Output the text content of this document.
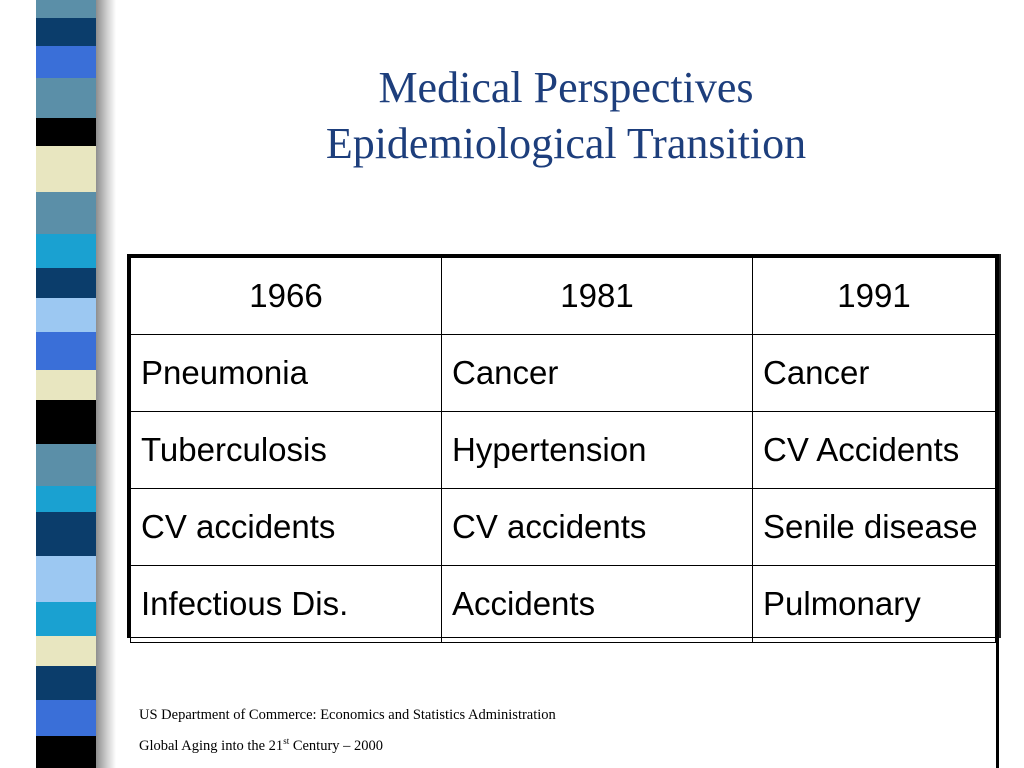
Medical Perspectives
Epidemiological Transition
1966	1981	1991
Pneumonia	Cancer	Cancer
Tuberculosis	Hypertension	CV Accidents
CV accidents	CV accidents	Senile disease
Infectious Dis.	Accidents	Pulmonary
US Department of Commerce: Economics and Statistics Administration
Global Aging into the 21st Century – 2000
